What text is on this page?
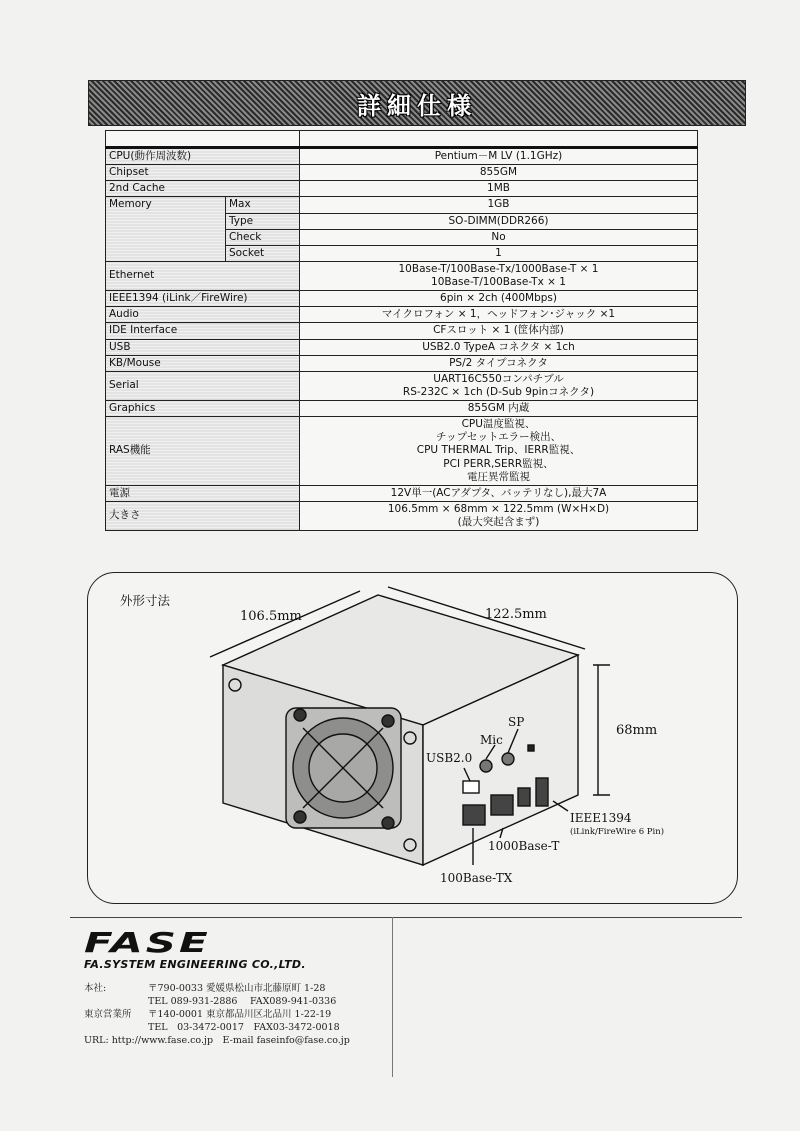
詳細仕様

CPU(動作周波数)		Pentium－M LV (1.1GHz)
Chipset		855GM
2nd Cache		1MB
Memory	Max	1GB
	Type	SO-DIMM(DDR266)
	Check	No
	Socket	1
Ethernet		10Base-T/100Base-Tx/1000Base-T × 1
10Base-T/100Base-Tx × 1
IEEE1394 (iLink／FireWire)		6pin × 2ch (400Mbps)
Audio		マイクロフォン × 1，ヘッドフォン･ジャック ×1
IDE Interface		CFスロット × 1 (筐体内部)
USB		USB2.0 TypeA コネクタ × 1ch
KB/Mouse		PS/2 タイプコネクタ
Serial		UART16C550コンパチブル
RS-232C × 1ch (D-Sub 9pinコネクタ)
Graphics		855GM 内蔵
RAS機能		CPU温度監視、
チップセットエラー検出、
CPU THERMAL Trip、IERR監視、
PCI PERR,SERR監視、
電圧異常監視
電源		12V単一(ACアダプタ、バッテリなし),最大7A
大きさ		106.5mm × 68mm × 122.5mm (W×H×D)
(最大突起含まず)
外形寸法
106.5mm	122.5mm
68mm
USB2.0
Mic
SP
IEEE1394
(iLink/FireWire 6 Pin)
1000Base-T
100Base-TX
FASE
FA.SYSTEM ENGINEERING CO.,LTD.
本社:	〒790-0033 愛媛県松山市北藤原町 1-28
TEL 089-931-2886　 FAX089-941-0336
東京営業所 〒140-0001 東京都品川区北品川 1-22-19
TEL　03-3472-0017　FAX03-3472-0018
URL: http://www.fase.co.jp　E-mail faseinfo@fase.co.jp
